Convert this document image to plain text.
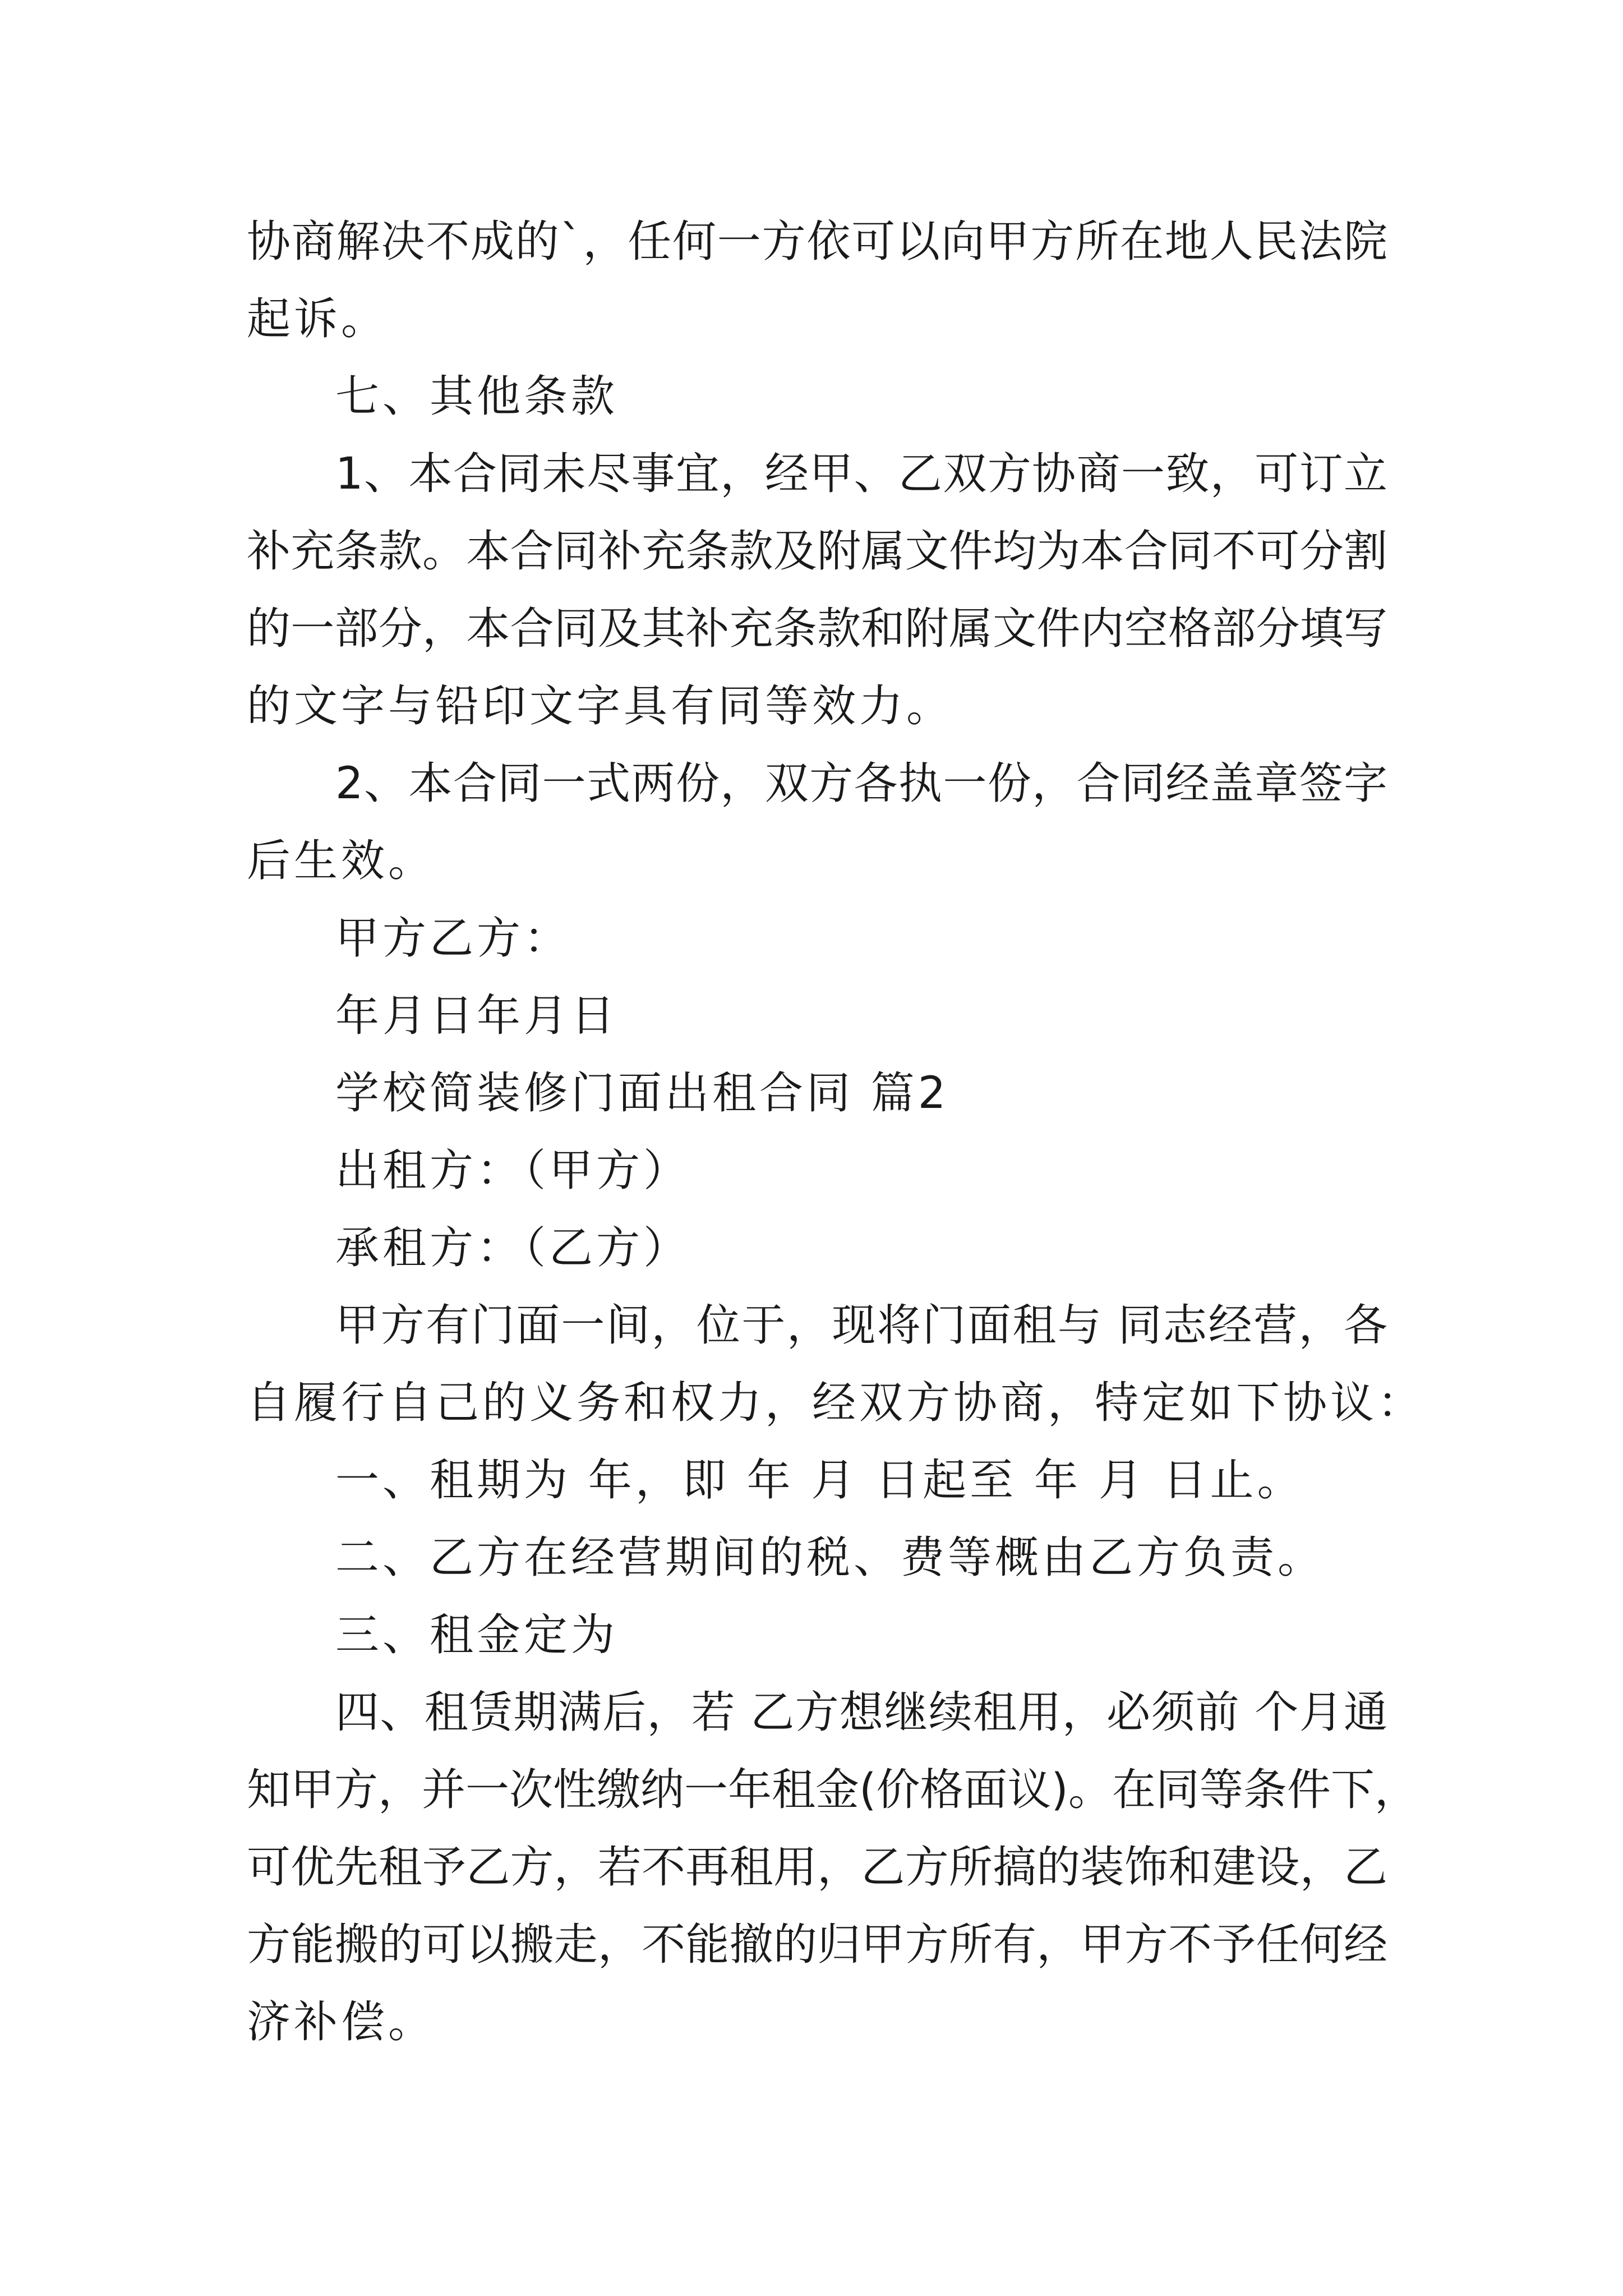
协商解决不成的`，任何一方依可以向甲方所在地人民法院
起诉。
七、其他条款
1、本合同未尽事宜，经甲、乙双方协商一致，可订立
补充条款。本合同补充条款及附属文件均为本合同不可分割
的一部分，本合同及其补充条款和附属文件内空格部分填写
的文字与铅印文字具有同等效力。
2、本合同一式两份，双方各执一份，合同经盖章签字
后生效。
甲方乙方：
年月日年月日
学校简装修门面出租合同 篇2
出租方：（甲方）
承租方：（乙方）
甲方有门面一间，位于，现将门面租与 同志经营，各
自履行自己的义务和权力，经双方协商，特定如下协议：
一、租期为 年，即 年 月 日起至 年 月 日止。
二、乙方在经营期间的税、费等概由乙方负责。
三、租金定为
四、租赁期满后，若 乙方想继续租用，必须前 个月通
知甲方，并一次性缴纳一年租金(价格面议)。在同等条件下，
可优先租予乙方，若不再租用，乙方所搞的装饰和建设，乙
方能搬的可以搬走，不能撤的归甲方所有，甲方不予任何经
济补偿。
